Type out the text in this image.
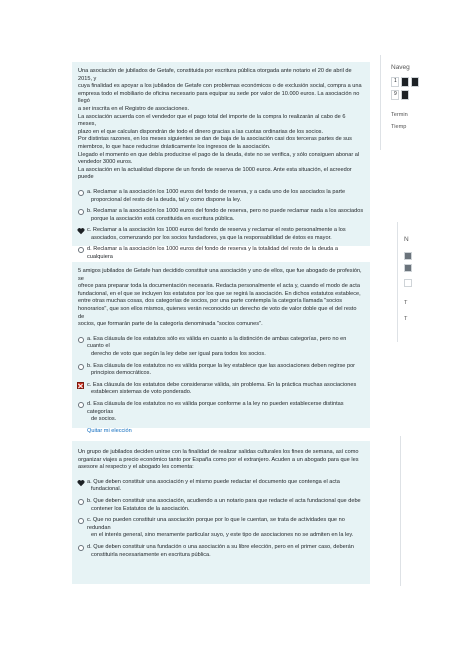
Una asociación de jubilados de Getafe, constituida por escritura pública otorgada ante notario el 20 de abril de 2015, y

cuya finalidad es apoyar a los jubilados de Getafe con problemas económicos o de exclusión social, compra a una

empresa todo el mobiliario de oficina necesario para equipar su sede por valor de 10.000 euros. La asociación no llegó

a ser inscrita en el Registro de asociaciones.

La asociación acuerda con el vendedor que el pago total del importe de la compra lo realizarán al cabo de 6 meses,

plazo en el que calculan dispondrán de todo el dinero gracias a las cuotas ordinarias de los socios.

Por distintas razones, en los meses siguientes se dan de baja de la asociación casi dos terceras partes de sus

miembros, lo que hace reducirse drásticamente los ingresos de la asociación.

Llegado el momento en que debía producirse el pago de la deuda, éste no se verifica, y sólo consiguen abonar al

vendedor 3000 euros.

La asociación en la actualidad dispone de un fondo de reserva de 1000 euros. Ante esta situación, el acreedor puede

a. Reclamar a la asociación los 1000 euros del fondo de reserva, y a cada uno de los asociados la parte
proporcional del resto de la deuda, tal y como dispone la ley.
b. Reclamar a la asociación los 1000 euros del fondo de reserva, pero no puede reclamar nada a los asociados
porque la asociación está constituida en escritura pública.
c. Reclamar a la asociación los 1000 euros del fondo de reserva y reclamar el resto personalmente a los
asociados, comenzando por los socios fundadores, ya que la responsabilidad de éstos es mayor.
d. Reclamar a la asociación los 1000 euros del fondo de reserva y la totalidad del resto de la deuda a cualquiera

5 amigos jubilados de Getafe han decidido constituir una asociación y uno de ellos, que fue abogado de profesión, se

ofrece para preparar toda la documentación necesaria. Redacta personalmente el acta y, cuando el modo de acta

fundacional, en el que se incluyen los estatutos por los que se regirá la asociación. En dichos estatutos establece,

entre otras muchas cosas, dos categorías de socios, por una parte contempla la categoría llamada "socios

honorarios", que son ellos mismos, quienes verán reconocido un derecho de voto de valor doble que el del resto de

socios, que formarán parte de la categoría denominada "socios comunes".

a. Esa cláusula de los estatutos sólo es válida en cuanto a la distinción de ambas categorías, pero no en cuanto el
derecho de voto que según la ley debe ser igual para todos los socios.
b. Esa cláusula de los estatutos no es válida porque la ley establece que las asociaciones deben regirse por
principios democráticos.
c. Esa cláusula de los estatutos debe considerarse válida, sin problema. En la práctica muchas asociaciones
establecen sistemas de voto ponderado.
d. Esa cláusula de los estatutos no es válida porque conforme a la ley no pueden establecerse distintas categorías
de socios.
Quitar mi elección

Un grupo de jubilados deciden unirse con la finalidad de realizar salidas culturales los fines de semana, así como

organizar viajes a precio económico tanto por España como por el extranjero. Acuden a un abogado para que les

asesore al respecto y el abogado les comenta:

a. Que deben constituir una asociación y el mismo puede redactar el documento que contenga el acta
fundacional.
b. Que deben constituir una asociación, acudiendo a un notario para que redacte el acta fundacional que debe
contener los Estatutos de la asociación.
c. Que no pueden constituir una asociación porque por lo que le cuentan, se trata de actividades que no redundan
en el interés general, sino meramente particular suyo, y este tipo de asociaciones no se admiten en la ley.
d. Que deben constituir una fundación o una asociación a su libre elección, pero en el primer caso, deberán
constituirla necesariamente en escritura pública.
Naveg
1
9
Termin
Tiemp
N
T
T
